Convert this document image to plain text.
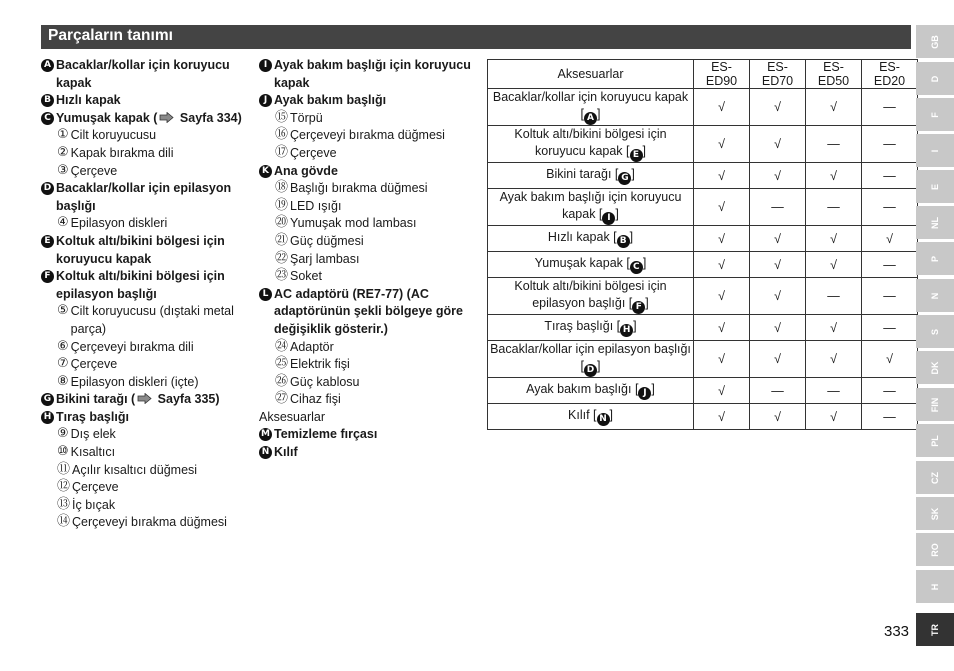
Parçaların tanımı
A Bacaklar/kollar için koruyucu kapak
B Hızlı kapak
C Yumuşak kapak ( Sayfa 334)
① Cilt koruyucusu
② Kapak bırakma dili
③ Çerçeve
D Bacaklar/kollar için epilasyon başlığı
④ Epilasyon diskleri
E Koltuk altı/bikini bölgesi için koruyucu kapak
F Koltuk altı/bikini bölgesi için epilasyon başlığı
⑤ Cilt koruyucusu (dıştaki metal parça)
⑥ Çerçeveyi bırakma dili
⑦ Çerçeve
⑧ Epilasyon diskleri (içte)
G Bikini tarağı ( Sayfa 335)
H Tıraş başlığı
⑨ Dış elek
⑩ Kısaltıcı
⑪ Açılır kısaltıcı düğmesi
⑫ Çerçeve
⑬ İç bıçak
⑭ Çerçeveyi bırakma düğmesi
I Ayak bakım başlığı için koruyucu kapak
J Ayak bakım başlığı
⑮ Törpü
⑯ Çerçeveyi bırakma düğmesi
⑰ Çerçeve
K Ana gövde
⑱ Başlığı bırakma düğmesi
⑲ LED ışığı
⑳ Yumuşak mod lambası
㉑ Güç düğmesi
㉒ Şarj lambası
㉓ Soket
L AC adaptörü (RE7-77) (AC adaptörünün şekli bölgeye göre değişiklik gösterir.)
㉔ Adaptör
㉕ Elektrik fişi
㉖ Güç kablosu
㉗ Cihaz fişi
Aksesuarlar
M Temizleme fırçası
N Kılıf
Aksesuarlar	ES-ED90	ES-ED70	ES-ED50	ES-ED20
Bacaklar/kollar için koruyucu kapak [ A ]	√	√	√	—
Koltuk altı/bikini bölgesi için koruyucu kapak [ E ]	√	√	—	—
Bikini tarağı [ G ]	√	√	√	—
Ayak bakım başlığı için koruyucu kapak [ I ]	√	—	—	—
Hızlı kapak [ B ]	√	√	√	√
Yumuşak kapak [ C ]	√	√	√	—
Koltuk altı/bikini bölgesi için epilasyon başlığı [ F ]	√	√	—	—
Tıraş başlığı [ H ]	√	√	√	—
Bacaklar/kollar için epilasyon başlığı [ D ]	√	√	√	√
Ayak bakım başlığı [ J ]	√	—	—	—
Kılıf [ N ]	√	√	√	—
GB
D
F
I
E
NL
P
N
S
DK
FIN
PL
CZ
SK
RO
H
TR
333
